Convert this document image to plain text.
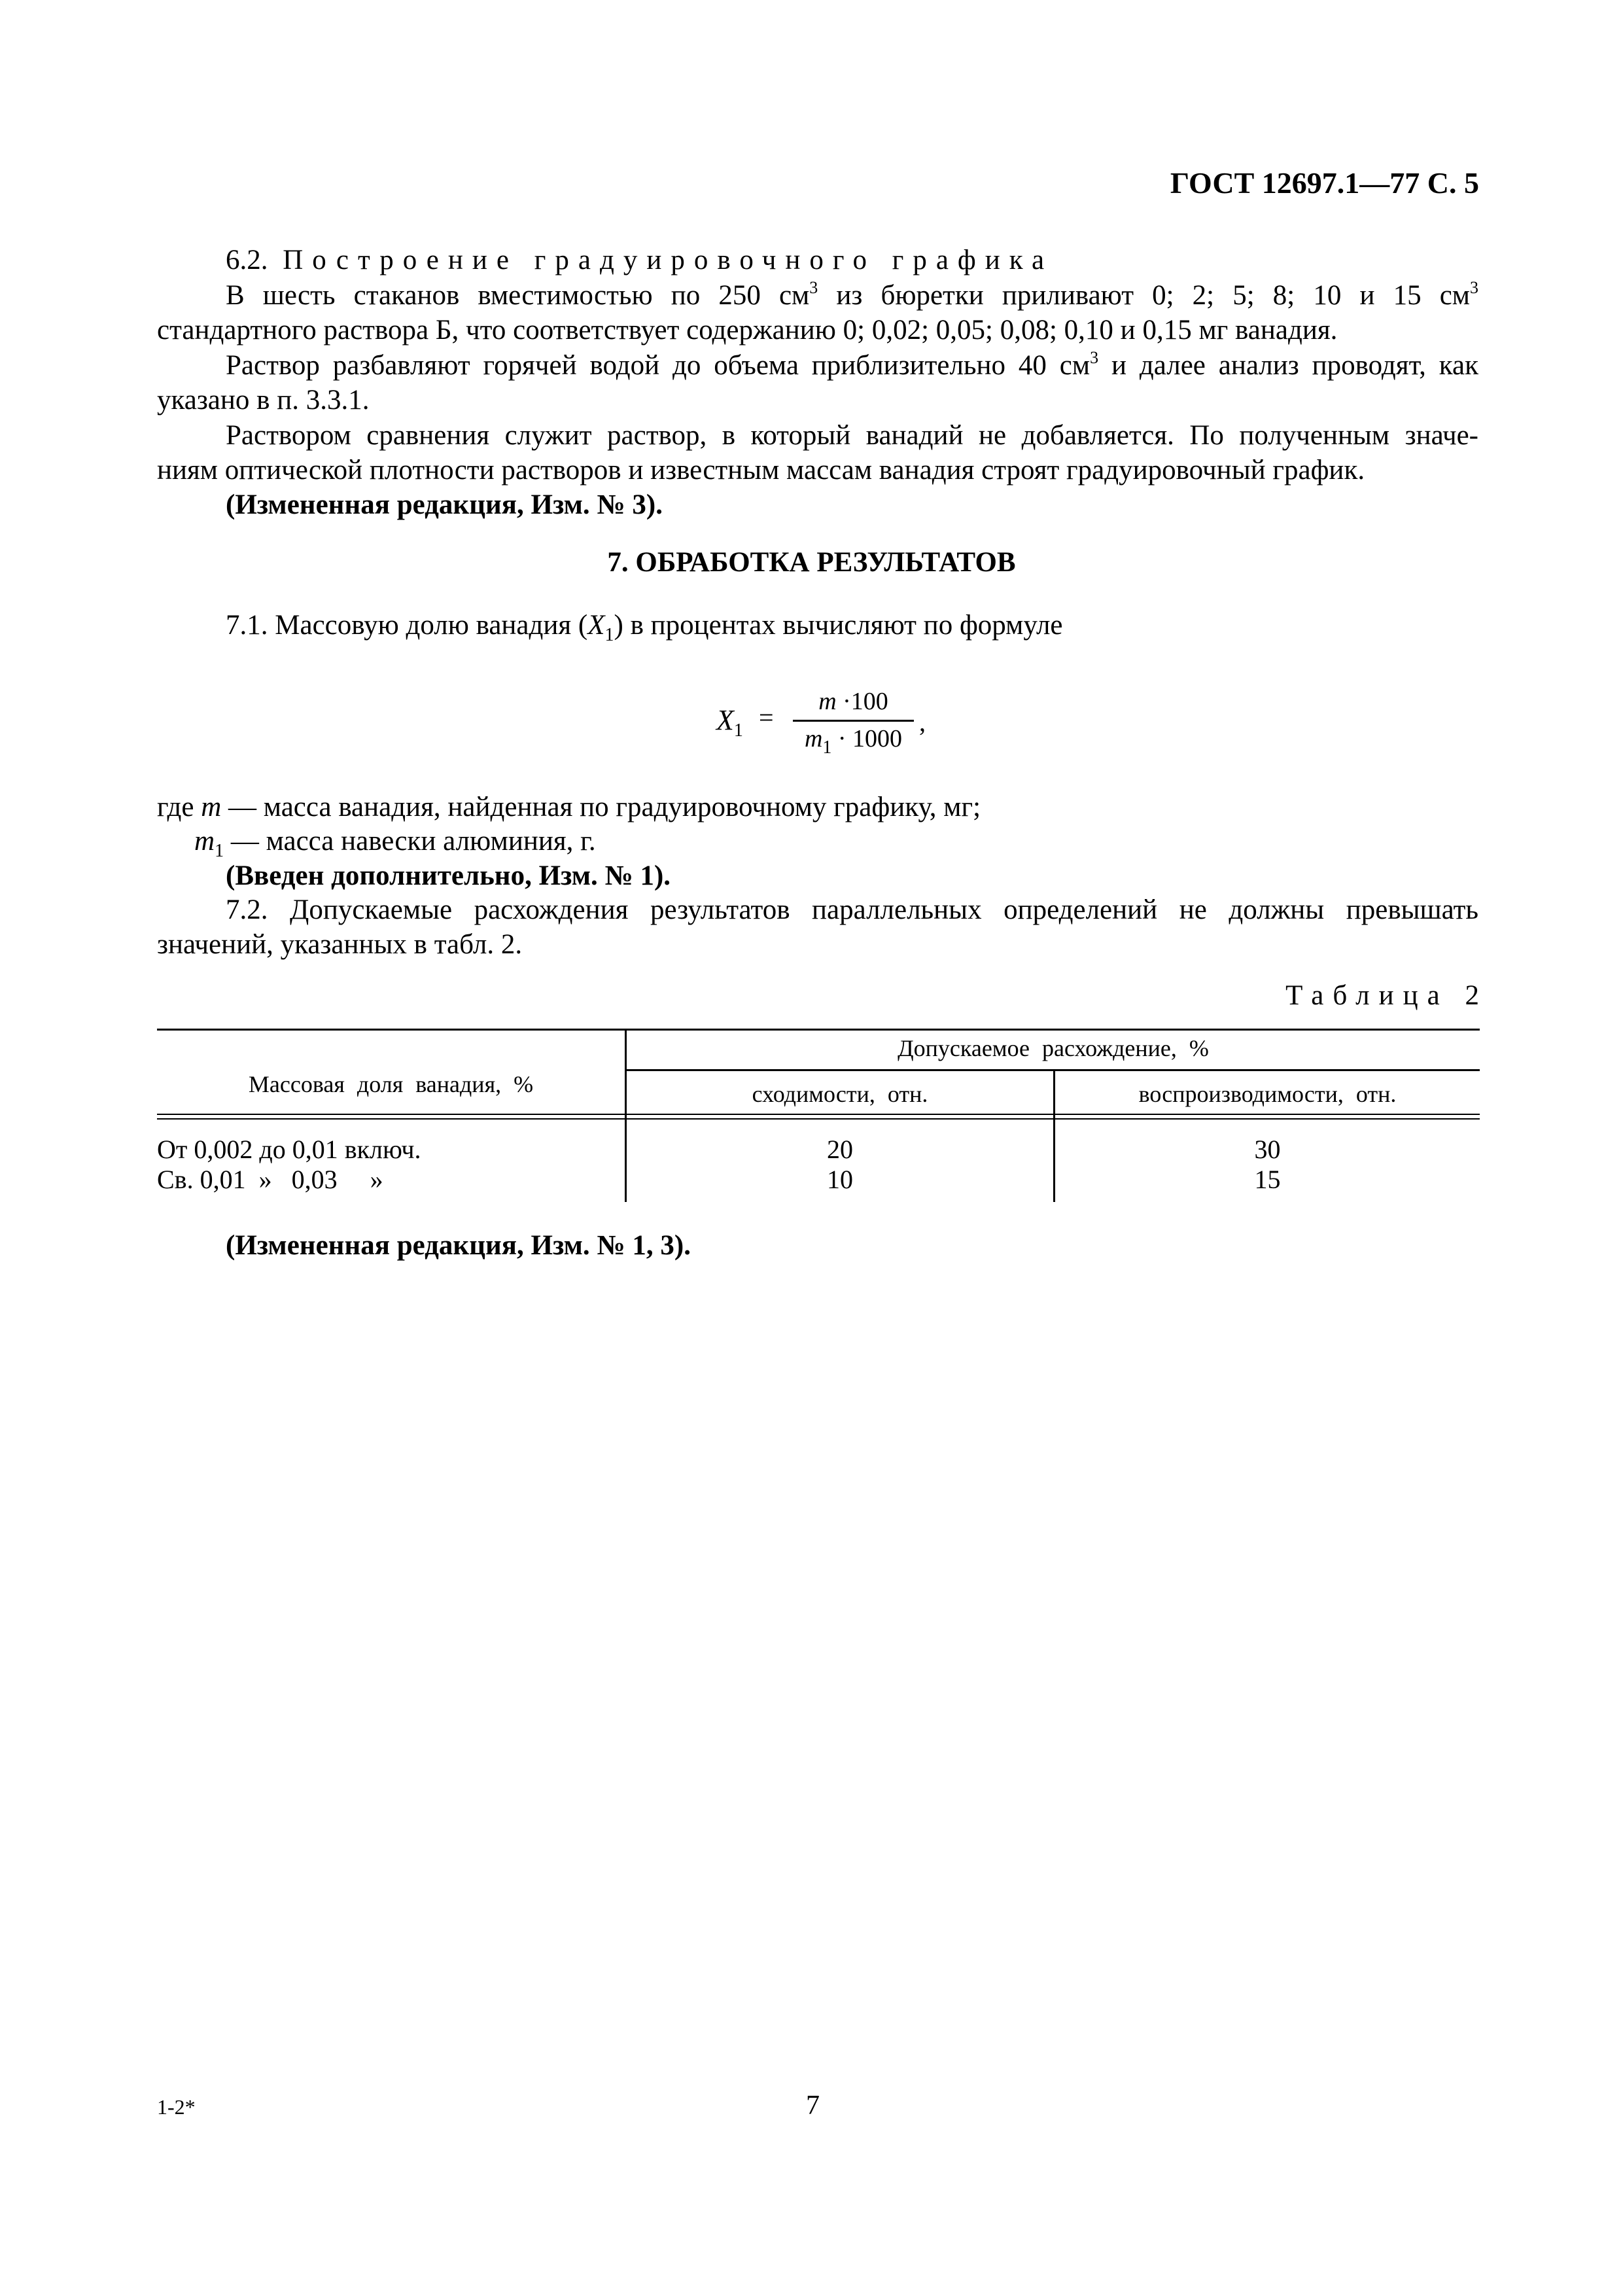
ГОСТ 12697.1—77 С. 5
6.2. Построение градуировочного графика
В шесть стаканов вместимостью по 250 $см^3$ из бюретки приливают 0; 2; 5; 8; 10 и 15 $см^3$
стандартного раствора Б, что соответствует содержанию 0; 0,02; 0,05; 0,08; 0,10 и 0,15 мг ванадия.
Раствор разбавляют горячей водой до объема приблизительно 40 $см^3$ и далее анализ проводят, как
указано в п. 3.3.1.
Раствором сравнения служит раствор, в который ванадий не добавляется. По полученным значе-
ниям оптической плотности растворов и известным массам ванадия строят градуировочный график.
(Измененная редакция, Изм. № 3).
7. ОБРАБОТКА РЕЗУЛЬТАТОВ
7.1. Массовую долю ванадия $(X_1)$ в процентах вычисляют по формуле
$X_1 = \frac{m \cdot 100}{m_1 \cdot 1000}$ ,
где m — масса ванадия, найденная по градуировочному графику, мг;
$m_1$ — масса навески алюминия, г.
(Введен дополнительно, Изм. № 1).
7.2. Допускаемые расхождения результатов параллельных определений не должны превышать
значений, указанных в табл. 2.
Таблица 2
Массовая доля ванадия, %
Допускаемое расхождение, %
сходимости, отн.	воспроизводимости, отн.
От 0,002 до 0,01 включ.	20	30
Св. 0,01  »   0,03     »	10	15
(Измененная редакция, Изм. № 1, 3).
1-2*	7
